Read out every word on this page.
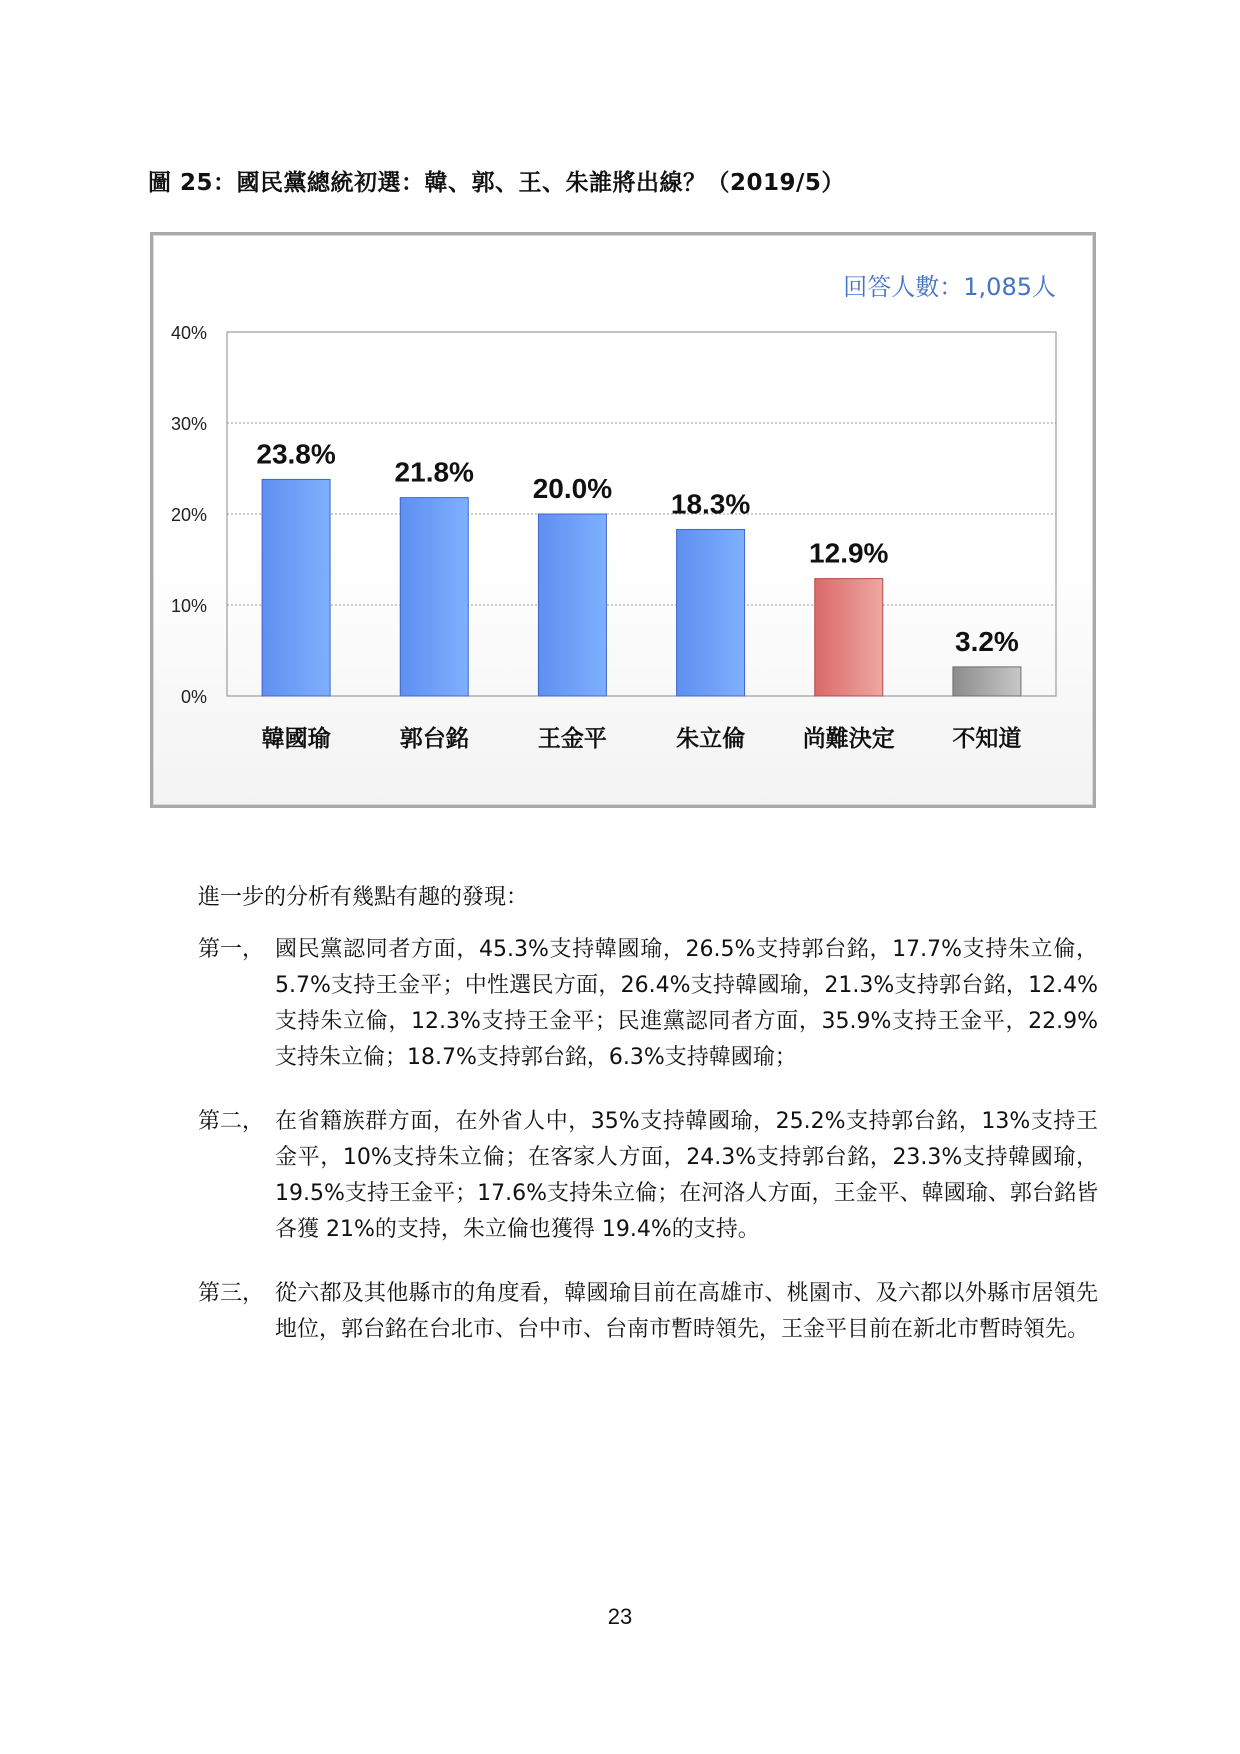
圖 25：國民黨總統初選：韓、郭、王、朱誰將出線？（2019/5）
回答人數：1,085人
0%
10%
20%
30%
40%
23.8%
21.8%
20.0% 18.3%
12.9%
3.2%
韓國瑜	郭台銘	王金平	朱立倫	尚難決定	不知道
進一步的分析有幾點有趣的發現：
第一， 國民黨認同者方面，45.3%支持韓國瑜，26.5%支持郭台銘，17.7%支持朱立倫，5.7%支持王金平；中性選民方面，26.4%支持韓國瑜，21.3%支持郭台銘，12.4%支持朱立倫，12.3%支持王金平；民進黨認同者方面，35.9%支持王金平，22.9%支持朱立倫；18.7%支持郭台銘，6.3%支持韓國瑜；
第二， 在省籍族群方面，在外省人中，35%支持韓國瑜，25.2%支持郭台銘，13%支持王金平，10%支持朱立倫；在客家人方面，24.3%支持郭台銘，23.3%支持韓國瑜，19.5%支持王金平；17.6%支持朱立倫；在河洛人方面，王金平、韓國瑜、郭台銘皆各獲 21%的支持，朱立倫也獲得 19.4%的支持。
第三， 從六都及其他縣市的角度看，韓國瑜目前在高雄市、桃園市、及六都以外縣市居領先地位，郭台銘在台北市、台中市、台南市暫時領先，王金平目前在新北市暫時領先。
23
